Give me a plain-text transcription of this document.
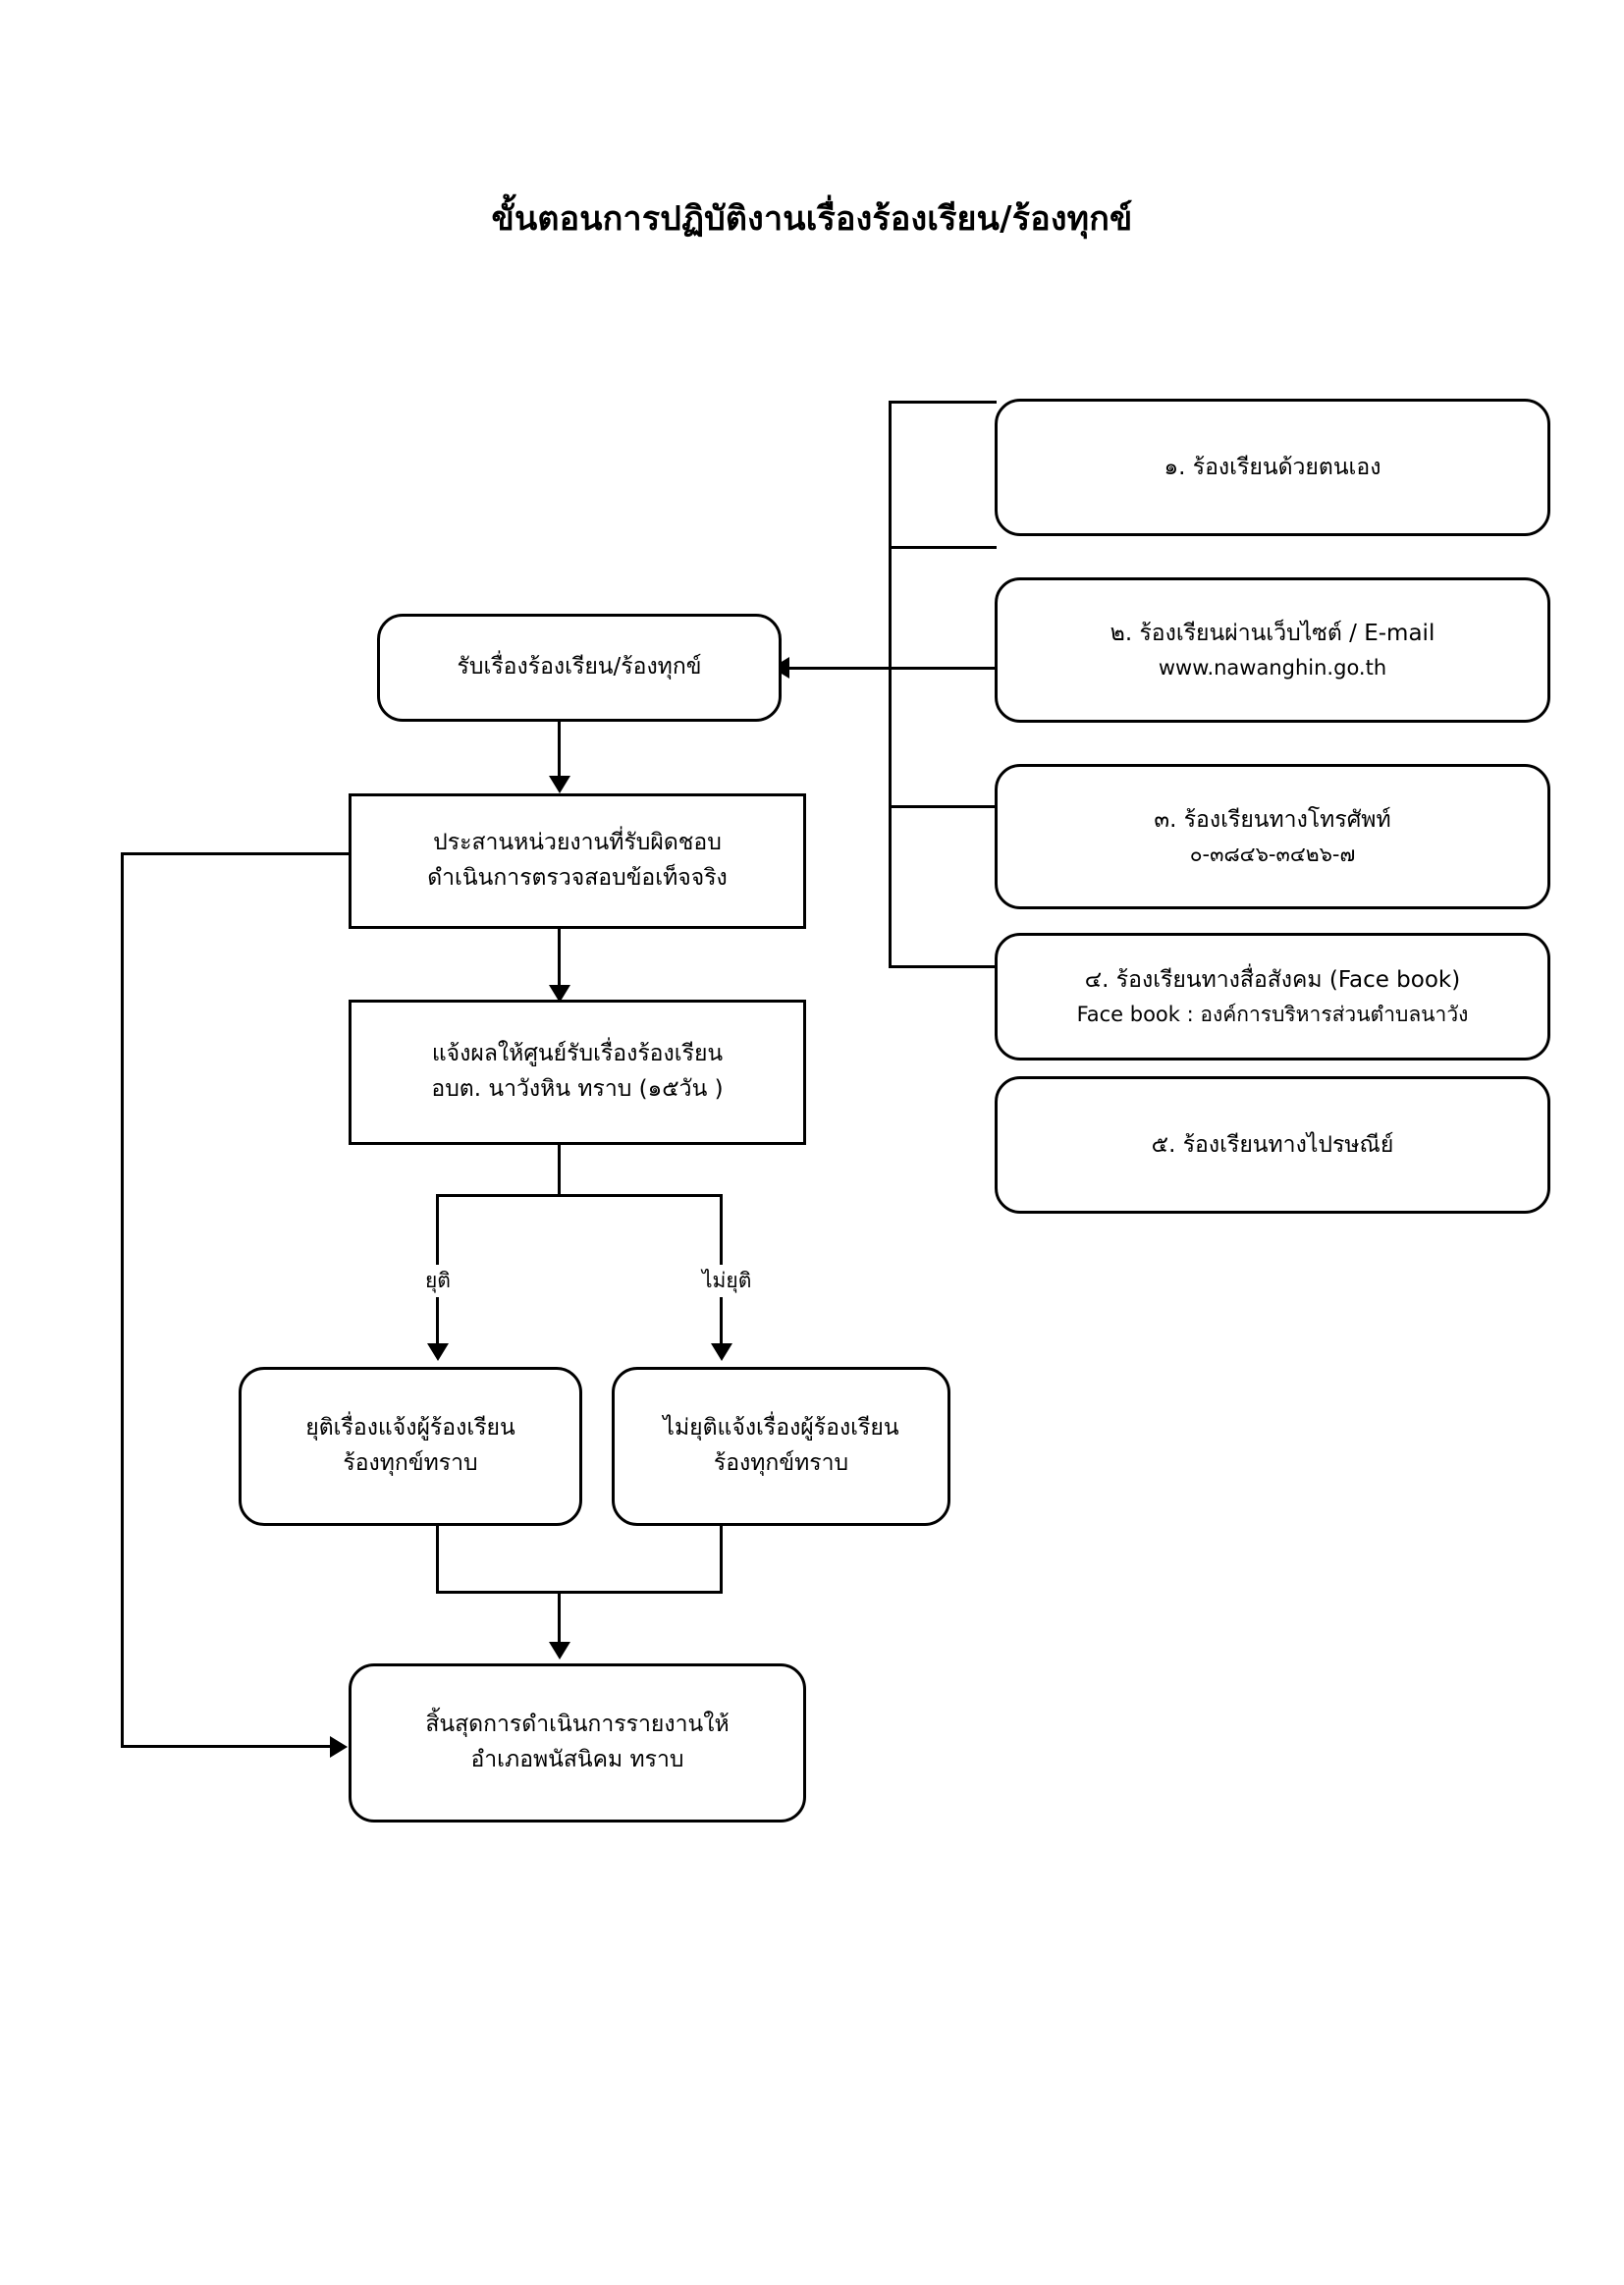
ขั้นตอนการปฏิบัติงานเรื่องร้องเรียน/ร้องทุกข์
๑. ร้องเรียนด้วยตนเอง
๒. ร้องเรียนผ่านเว็บไซต์ / E-mail
www.nawanghin.go.th
๓. ร้องเรียนทางโทรศัพท์
๐-๓๘๔๖-๓๔๒๖-๗
๔. ร้องเรียนทางสื่อสังคม (Face book)
Face book : องค์การบริหารส่วนตำบลนาวัง
๕. ร้องเรียนทางไปรษณีย์
รับเรื่องร้องเรียน/ร้องทุกข์
ประสานหน่วยงานที่รับผิดชอบ
ดำเนินการตรวจสอบข้อเท็จจริง
แจ้งผลให้ศูนย์รับเรื่องร้องเรียน
อบต. นาวังหิน ทราบ (๑๕วัน )
ยุติ	ไม่ยุติ
ยุติเรื่องแจ้งผู้ร้องเรียน
ร้องทุกข์ทราบ
ไม่ยุติแจ้งเรื่องผู้ร้องเรียน
ร้องทุกข์ทราบ
สิ้นสุดการดำเนินการรายงานให้
อำเภอพนัสนิคม ทราบ
